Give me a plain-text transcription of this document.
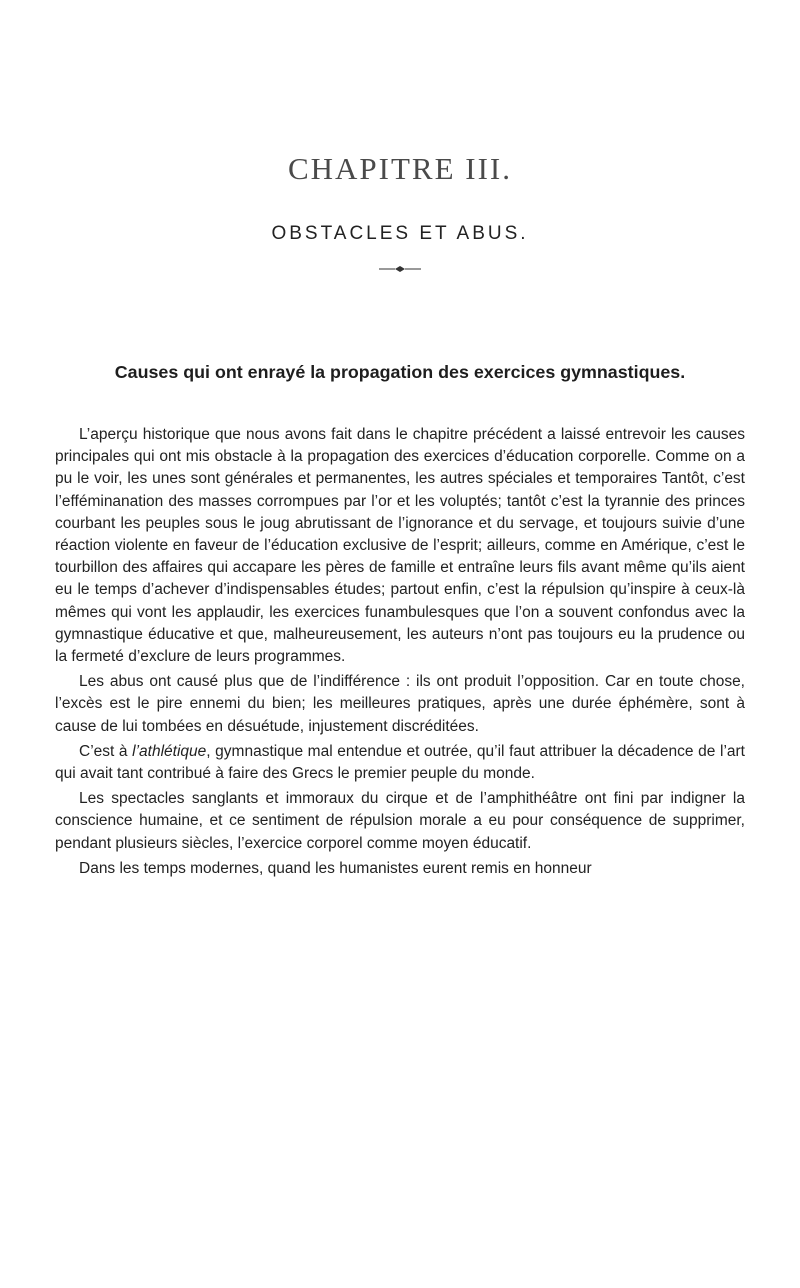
CHAPITRE III.
OBSTACLES ET ABUS.
Causes qui ont enrayé la propagation des exercices gymnastiques.

L’aperçu historique que nous avons fait dans le chapitre précédent a laissé entrevoir les causes principales qui ont mis obstacle à la propagation des exercices d’éducation corporelle. Comme on a pu le voir, les unes sont générales et permanentes, les autres spéciales et temporaires Tantôt, c’est l’efféminanation des masses corrompues par l’or et les voluptés; tantôt c’est la tyrannie des princes courbant les peuples sous le joug abrutissant de l’ignorance et du servage, et toujours suivie d’une réaction violente en faveur de l’éducation exclusive de l’esprit; ailleurs, comme en Amérique, c’est le tourbillon des affaires qui accapare les pères de famille et entraîne leurs fils avant même qu’ils aient eu le temps d’achever d’indispensables études; partout enfin, c’est la répulsion qu’inspire à ceux-là mêmes qui vont les applaudir, les exercices funambulesques que l’on a souvent confondus avec la gymnastique éducative et que, malheureusement, les auteurs n’ont pas toujours eu la prudence ou la fermeté d’exclure de leurs programmes.

Les abus ont causé plus que de l’indifférence : ils ont produit l’opposition. Car en toute chose, l’excès est le pire ennemi du bien; les meilleures pratiques, après une durée éphémère, sont à cause de lui tombées en désuétude, injustement discréditées.

C’est à l’athlétique, gymnastique mal entendue et outrée, qu’il faut attribuer la décadence de l’art qui avait tant contribué à faire des Grecs le premier peuple du monde.

Les spectacles sanglants et immoraux du cirque et de l’amphithéâtre ont fini par indigner la conscience humaine, et ce sentiment de répulsion morale a eu pour conséquence de supprimer, pendant plusieurs siècles, l’exercice corporel comme moyen éducatif.

Dans les temps modernes, quand les humanistes eurent remis en honneur
